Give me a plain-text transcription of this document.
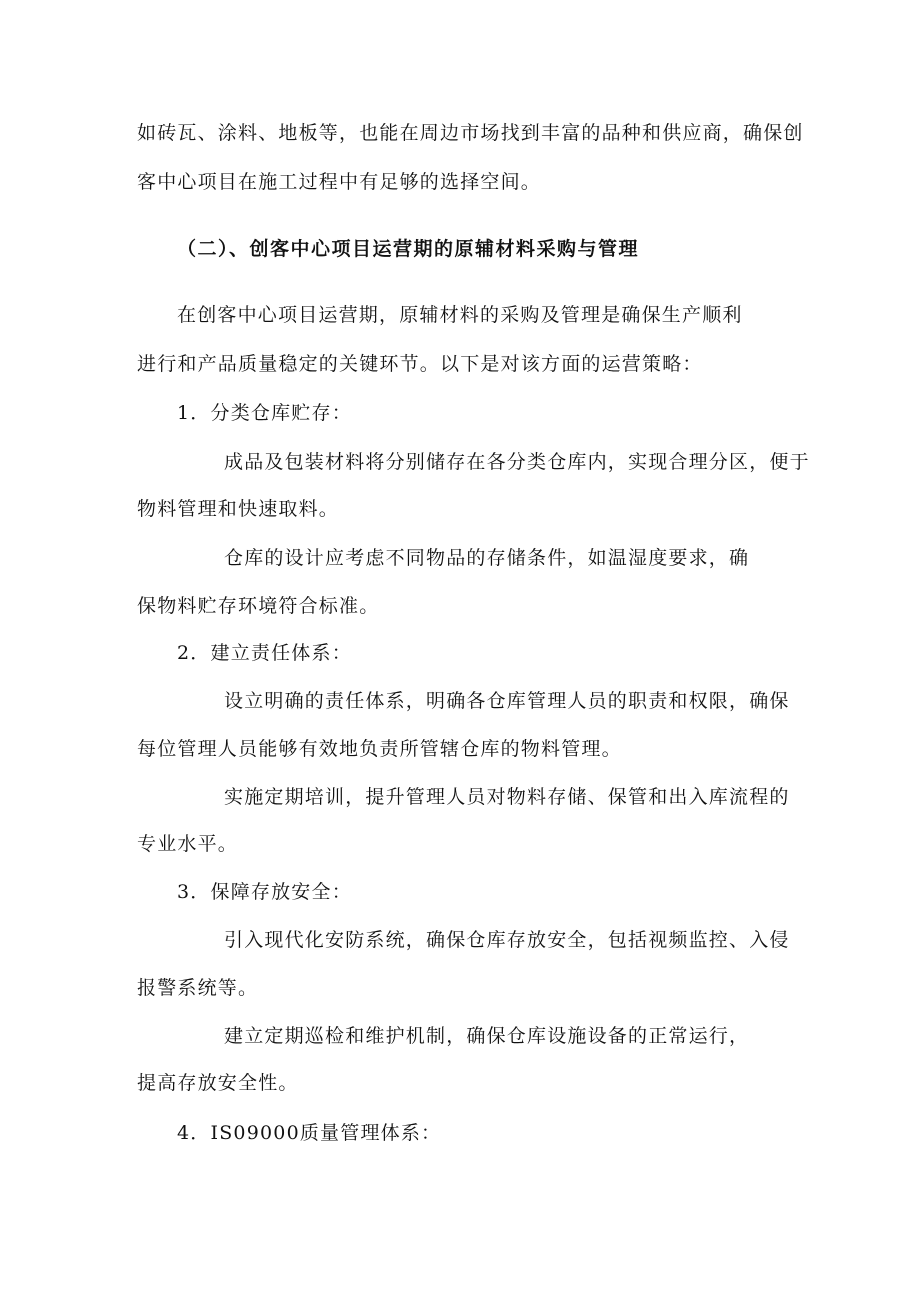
如砖瓦、涂料、地板等，也能在周边市场找到丰富的品种和供应商，确保创
客中心项目在施工过程中有足够的选择空间。
（二）、创客中心项目运营期的原辅材料采购与管理
在创客中心项目运营期，原辅材料的采购及管理是确保生产顺利
进行和产品质量稳定的关键环节。以下是对该方面的运营策略：
1．分类仓库贮存：
成品及包装材料将分别储存在各分类仓库内，实现合理分区，便于
物料管理和快速取料。
仓库的设计应考虑不同物品的存储条件，如温湿度要求，确
保物料贮存环境符合标准。
2．建立责任体系：
设立明确的责任体系，明确各仓库管理人员的职责和权限，确保
每位管理人员能够有效地负责所管辖仓库的物料管理。
实施定期培训，提升管理人员对物料存储、保管和出入库流程的
专业水平。
3．保障存放安全：
引入现代化安防系统，确保仓库存放安全，包括视频监控、入侵
报警系统等。
建立定期巡检和维护机制，确保仓库设施设备的正常运行，
提高存放安全性。
4．IS09000质量管理体系：
